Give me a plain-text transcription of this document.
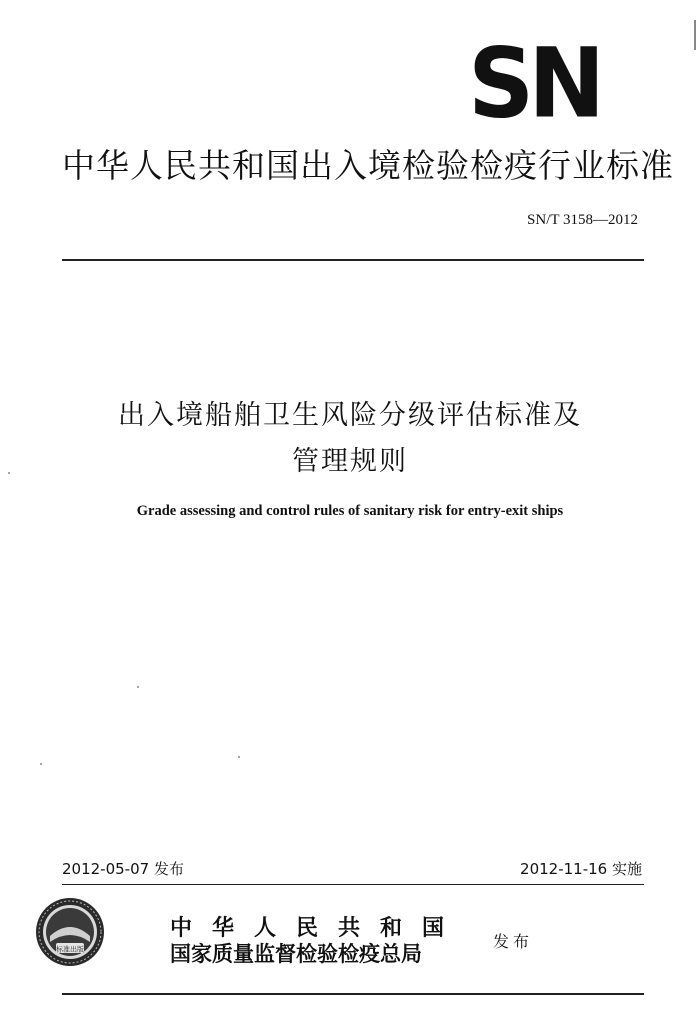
SN
中华人民共和国出入境检验检疫行业标准
SN/T 3158—2012
出入境船舶卫生风险分级评估标准及
管理规则
Grade assessing and control rules of sanitary risk for entry-exit ships
2012-05-07 发布	2012-11-16 实施
标准出版
中华人民共和国
国家质量监督检验检疫总局	发布
